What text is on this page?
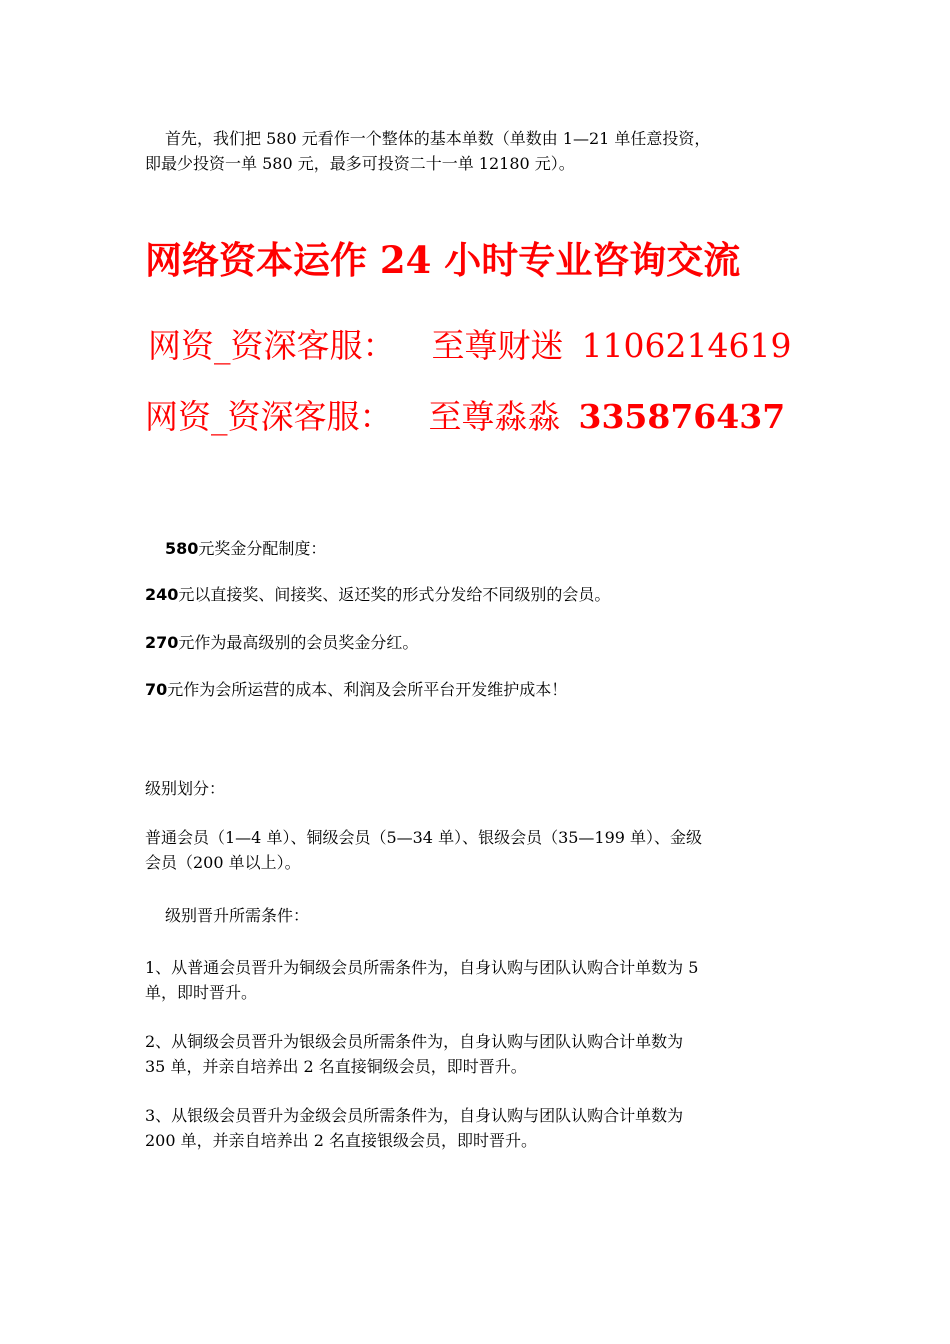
首先，我们把 580 元看作一个整体的基本单数（单数由 1—21 单任意投资，
即最少投资一单 580 元，最多可投资二十一单 12180 元）。
网络资本运作 24 小时专业咨询交流
网资_资深客服： 至尊财迷 1106214619
网资_资深客服： 至尊淼淼 335876437
580元奖金分配制度：
240元以直接奖、间接奖、返还奖的形式分发给不同级别的会员。
270元作为最高级别的会员奖金分红。
70元作为会所运营的成本、利润及会所平台开发维护成本！
级别划分：
普通会员（1—4 单）、铜级会员（5—34 单）、银级会员（35—199 单）、金级
会员（200 单以上）。
级别晋升所需条件：
1、从普通会员晋升为铜级会员所需条件为，自身认购与团队认购合计单数为 5
单，即时晋升。
2、从铜级会员晋升为银级会员所需条件为，自身认购与团队认购合计单数为
35 单，并亲自培养出 2 名直接铜级会员，即时晋升。
3、从银级会员晋升为金级会员所需条件为，自身认购与团队认购合计单数为
200 单，并亲自培养出 2 名直接银级会员，即时晋升。
